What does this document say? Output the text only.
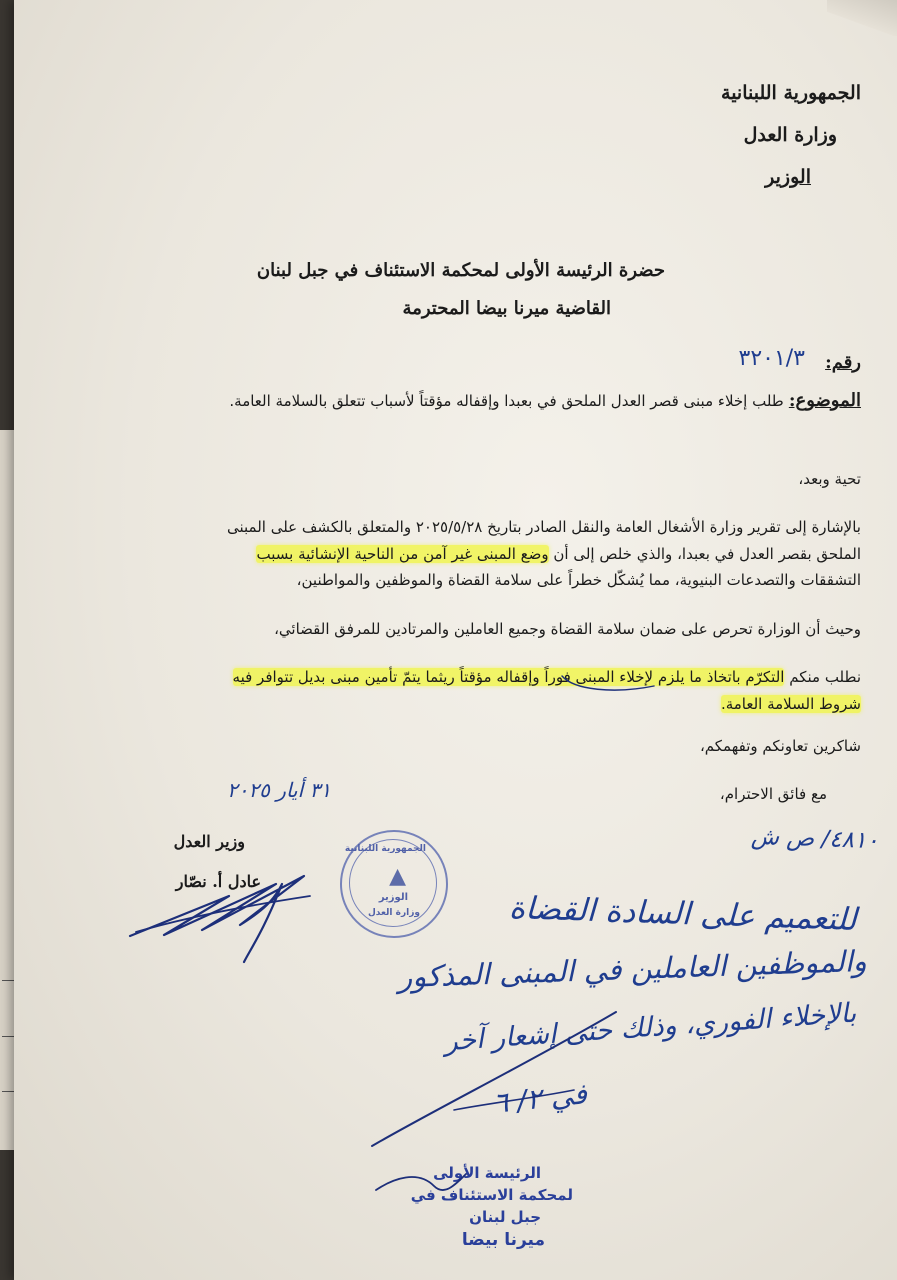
الجمهورية اللبنانية
وزارة العدل
الوزير
حضرة الرئيسة الأولى لمحكمة الاستئناف في جبل لبنان
القاضية ميرنا بيضا المحترمة
رقم:
٣٢٠١/٣
الموضوع: طلب إخلاء مبنى قصر العدل الملحق في بعبدا وإقفاله مؤقتاً لأسباب تتعلق بالسلامة العامة.
تحية وبعد،
بالإشارة إلى تقرير وزارة الأشغال العامة والنقل الصادر بتاريخ ٢٠٢٥/٥/٢٨ والمتعلق بالكشف على المبنى
الملحق بقصر العدل في بعبدا، والذي خلص إلى أن وضع المبنى غير آمن من الناحية الإنشائية بسبب
التشققات والتصدعات البنيوية، مما يُشكّل خطراً على سلامة القضاة والموظفين والمواطنين،
وحيث أن الوزارة تحرص على ضمان سلامة القضاة وجميع العاملين والمرتادين للمرفق القضائي،
نطلب منكم التكرّم باتخاذ ما يلزم لإخلاء المبنى فوراً وإقفاله مؤقتاً ريثما يتمّ تأمين مبنى بديل تتوافر فيه
شروط السلامة العامة.
شاكرين تعاونكم وتفهمكم،
٣١ أيار ٢٠٢٥	مع فائق الاحترام،
وزير العدل
عادل أ. نصّار
الجمهورية اللبنانية
▲
الوزير
وزارة العدل
٤٨١٠/ ص ش
للتعميم على السادة القضاة
والموظفين العاملين في المبنى المذكور
بالإخلاء الفوري، وذلك حتى إشعار آخر
في ٢/ ٦
الرئيسة الأولى
لمحكمة الاستئناف في
جبل لبنان
ميرنا بيضا
